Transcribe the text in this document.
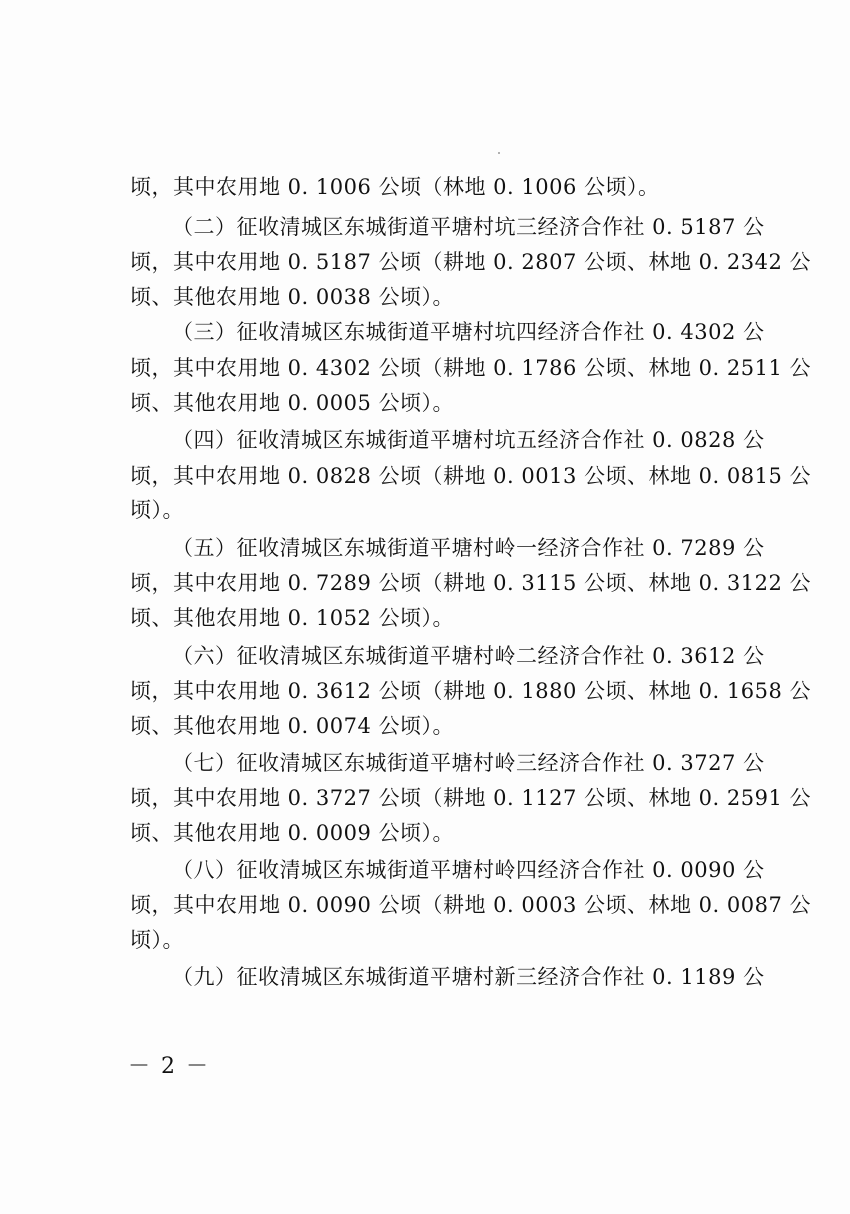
顷，其中农用地 0. 1006 公顷（林地 0. 1006 公顷）。
（二）征收清城区东城街道平塘村坑三经济合作社 0. 5187 公
顷，其中农用地 0. 5187 公顷（耕地 0. 2807 公顷、林地 0. 2342 公
顷、其他农用地 0. 0038 公顷）。
（三）征收清城区东城街道平塘村坑四经济合作社 0. 4302 公
顷，其中农用地 0. 4302 公顷（耕地 0. 1786 公顷、林地 0. 2511 公
顷、其他农用地 0. 0005 公顷）。
（四）征收清城区东城街道平塘村坑五经济合作社 0. 0828 公
顷，其中农用地 0. 0828 公顷（耕地 0. 0013 公顷、林地 0. 0815 公
顷）。
（五）征收清城区东城街道平塘村岭一经济合作社 0. 7289 公
顷，其中农用地 0. 7289 公顷（耕地 0. 3115 公顷、林地 0. 3122 公
顷、其他农用地 0. 1052 公顷）。
（六）征收清城区东城街道平塘村岭二经济合作社 0. 3612 公
顷，其中农用地 0. 3612 公顷（耕地 0. 1880 公顷、林地 0. 1658 公
顷、其他农用地 0. 0074 公顷）。
（七）征收清城区东城街道平塘村岭三经济合作社 0. 3727 公
顷，其中农用地 0. 3727 公顷（耕地 0. 1127 公顷、林地 0. 2591 公
顷、其他农用地 0. 0009 公顷）。
（八）征收清城区东城街道平塘村岭四经济合作社 0. 0090 公
顷，其中农用地 0. 0090 公顷（耕地 0. 0003 公顷、林地 0. 0087 公
顷）。
（九）征收清城区东城街道平塘村新三经济合作社 0. 1189 公
－ 2 －
